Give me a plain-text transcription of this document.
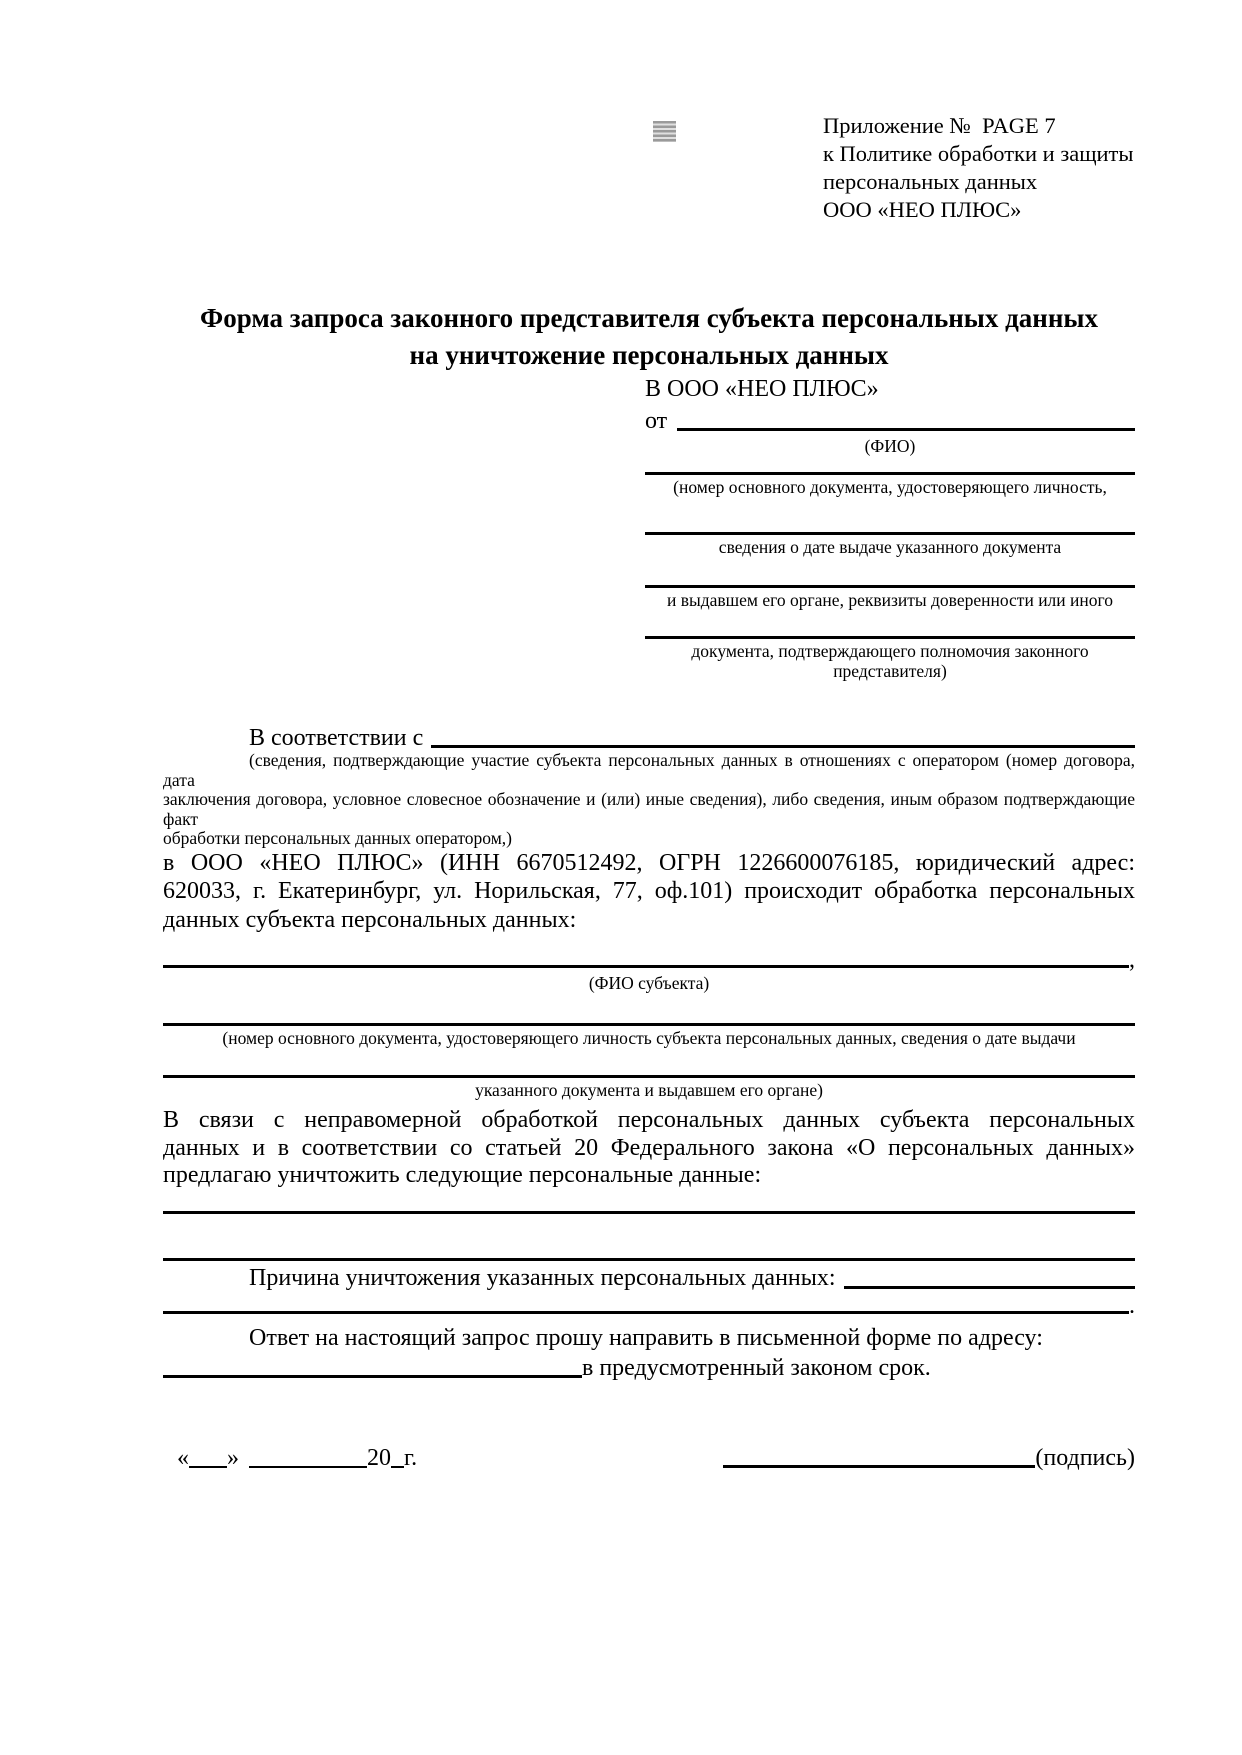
Приложение №  PAGE 7
к Политике обработки и защиты
персональных данных
ООО «НЕО ПЛЮС»
Форма запроса законного представителя субъекта персональных данных
на уничтожение персональных данных
В ООО «НЕО ПЛЮС»
от
(ФИО)
(номер основного документа, удостоверяющего личность,
сведения о дате выдаче указанного документа
и выдавшем его органе, реквизиты доверенности или иного
документа, подтверждающего полномочия законного представителя)
В соответствии с
(сведения, подтверждающие участие субъекта персональных данных в отношениях с оператором (номер договора, дата
заключения договора, условное словесное обозначение и (или) иные сведения), либо сведения, иным образом подтверждающие факт
обработки персональных данных оператором,)
в ООО «НЕО ПЛЮС» (ИНН 6670512492, ОГРН 1226600076185, юридический адрес:
620033, г. Екатеринбург, ул. Норильская, 77, оф.101) происходит обработка персональных
данных субъекта персональных данных:
,
(ФИО субъекта)
(номер основного документа, удостоверяющего личность субъекта персональных данных, сведения о дате выдачи
указанного документа и выдавшем его органе)
В связи с неправомерной обработкой персональных данных субъекта персональных
данных и в соответствии со статьей 20 Федерального закона «О персональных данных»
предлагаю уничтожить следующие персональные данные:
Причина уничтожения указанных персональных данных:
.
Ответ на настоящий запрос прошу направить в письменной форме по адресу:
в предусмотренный законом срок.
« »	20 г.	(подпись)
